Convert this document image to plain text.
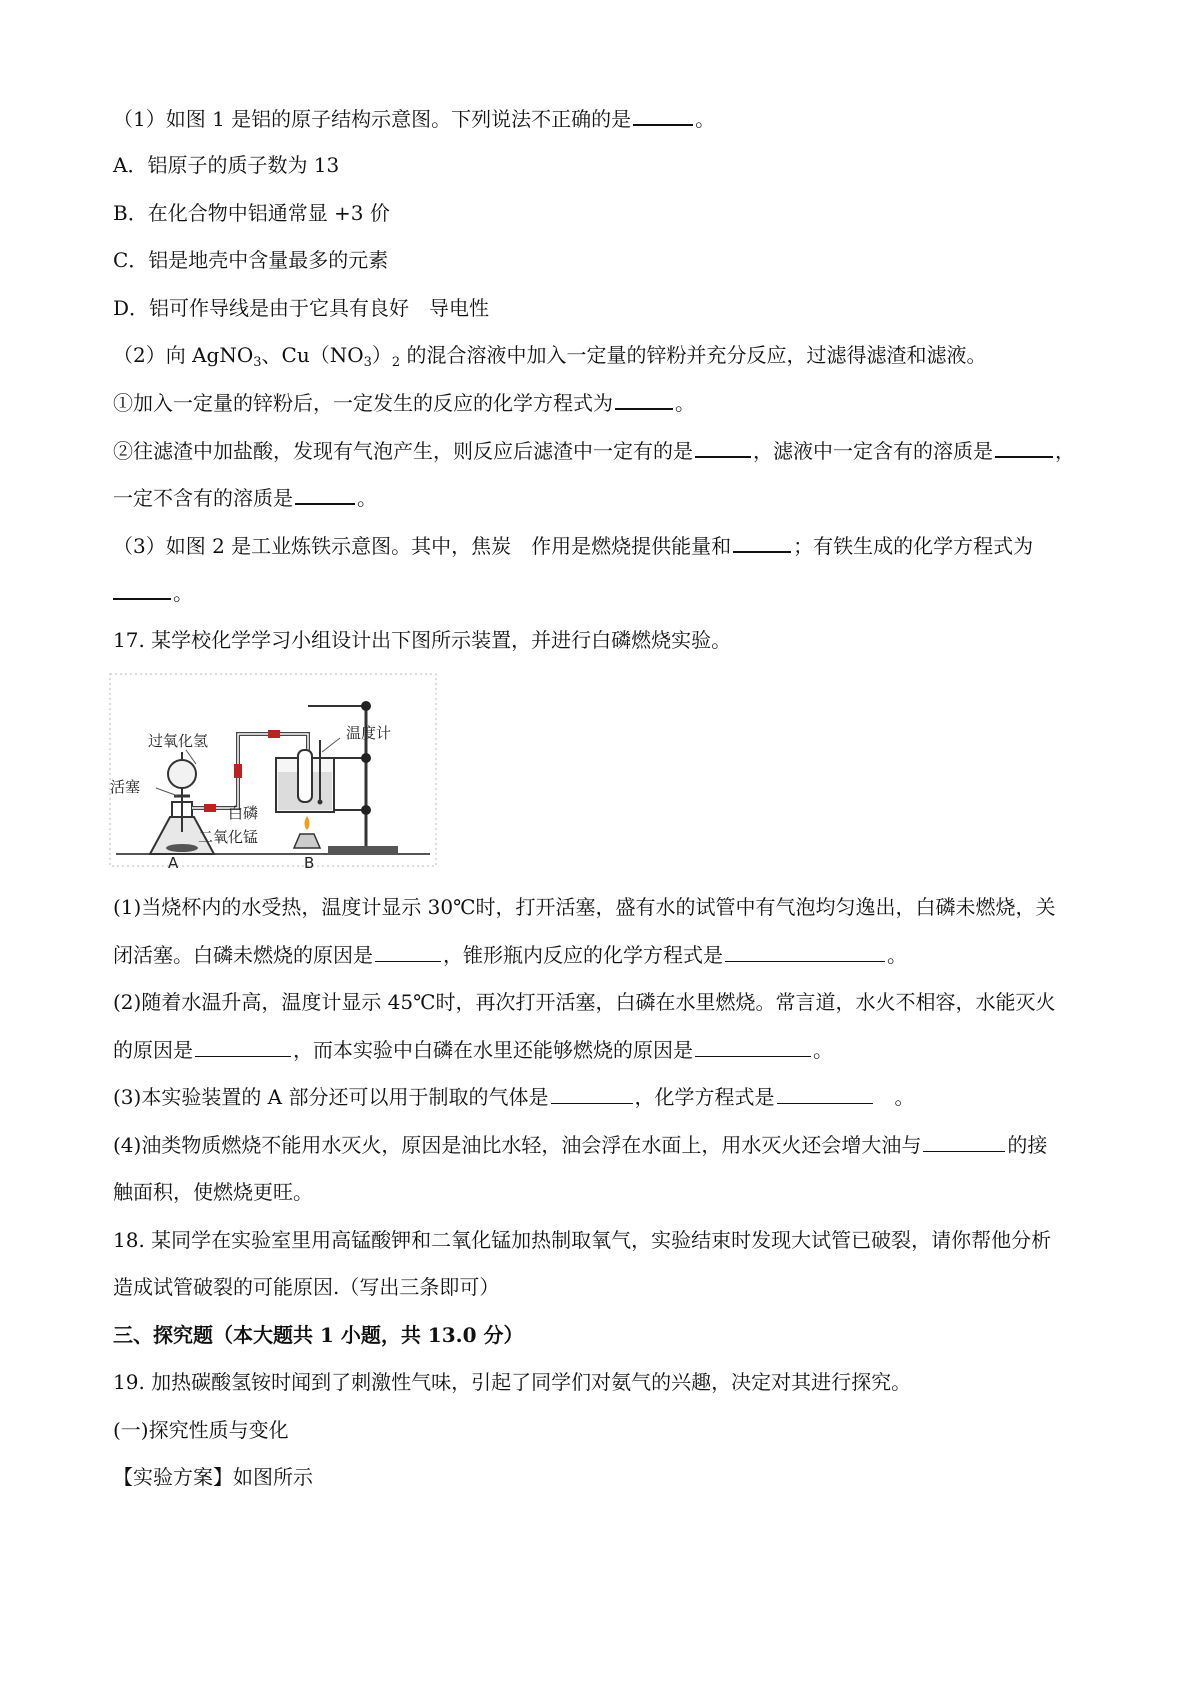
（1）如图 1 是铝的原子结构示意图。下列说法不正确的是	。
A．铝原子的质子数为 13
B．在化合物中铝通常显 +3 价
C．铝是地壳中含量最多的元素
D．铝可作导线是由于它具有良好　导电性
（2）向 AgNO$_3$、$Cu(NO_3)_2$ 的混合溶液中加入一定量的锌粉并充分反应，过滤得滤渣和滤液。
①加入一定量的锌粉后，一定发生的反应的化学方程式为	。
②往滤渣中加盐酸，发现有气泡产生，则反应后滤渣中一定有的是	，滤液中一定含有的溶质是	，
一定不含有的溶质是	。
（3）如图 2 是工业炼铁示意图。其中，焦炭　作用是燃烧提供能量和	；有铁生成的化学方程式为
。
17. 某学校化学学习小组设计出下图所示装置，并进行白磷燃烧实验。
过氧化氢
活塞
温度计
白磷
二氧化锰
A	B
(1)当烧杯内的水受热，温度计显示 30℃时，打开活塞，盛有水的试管中有气泡均匀逸出，白磷未燃烧，关
闭活塞。白磷未燃烧的原因是	，锥形瓶内反应的化学方程式是	。
(2)随着水温升高，温度计显示 45℃时，再次打开活塞，白磷在水里燃烧。常言道，水火不相容，水能灭火
的原因是	，而本实验中白磷在水里还能够燃烧的原因是	。
(3)本实验装置的 A 部分还可以用于制取的气体是	，化学方程式是	　。
(4)油类物质燃烧不能用水灭火，原因是油比水轻，油会浮在水面上，用水灭火还会增大油与	的接
触面积，使燃烧更旺。
18. 某同学在实验室里用高锰酸钾和二氧化锰加热制取氧气，实验结束时发现大试管已破裂，请你帮他分析
造成试管破裂的可能原因.（写出三条即可）
三、探究题（本大题共 1 小题，共 13.0 分）
19. 加热碳酸氢铵时闻到了刺激性气味，引起了同学们对氨气的兴趣，决定对其进行探究。
(一)探究性质与变化
【实验方案】如图所示
